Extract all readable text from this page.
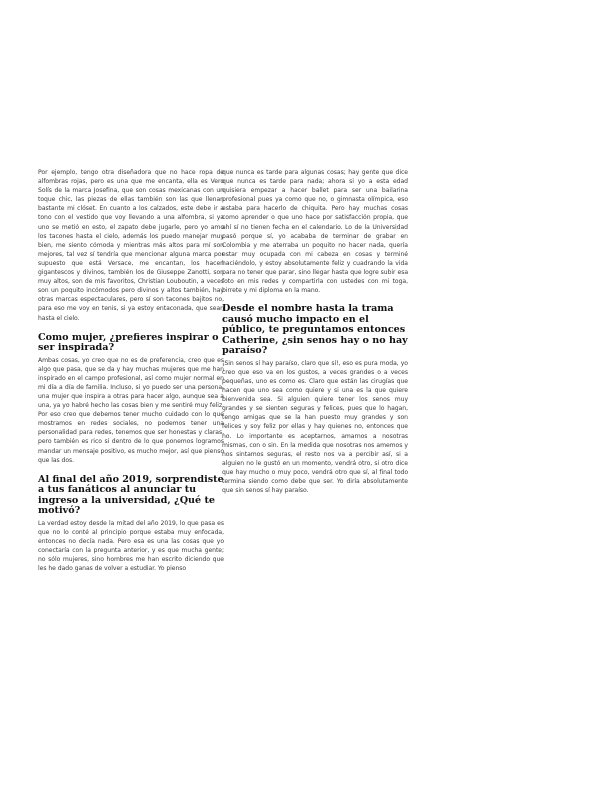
Por ejemplo, tengo otra diseñadora que no hace ropa de alfombras rojas, pero es una que me encanta, ella es Vero Solís de la marca Josefina, que son cosas mexicanas con un toque chic, las piezas de ellas también son las que llenan bastante mi clóset. En cuanto a los calzados, este debe ir a tono con el vestido que voy llevando a una alfombra, si ya uno se metió en esto, el zapato debe jugarle, pero yo amo los tacones hasta el cielo, además los puedo manejar muy bien, me siento cómoda y mientras más altos para mí son mejores, tal vez sí tendría que mencionar alguna marca por supuesto que está Versace, me encantan, los hacen gigantescos y divinos, también los de Giuseppe Zanotti, son muy altos, son de mis favoritos, Christian Louboutin, a veces son un poquito incómodos pero divinos y altos también, hay otras marcas espectaculares, pero sí son tacones bajitos no, para eso me voy en tenis, si ya estoy entaconada, que sean hasta el cielo.

Como mujer, ¿prefieres inspirar o ser inspirada?

Ambas cosas, yo creo que no es de preferencia, creo que es algo que pasa, que se da y hay muchas mujeres que me han inspirado en el campo profesional, así como mujer normal en mi día a día de familia. Incluso, si yo puedo ser una persona, una mujer que inspira a otras para hacer algo, aunque sea a una, ya yo habré hecho las cosas bien y me sentiré muy feliz. Por eso creo que debemos tener mucho cuidado con lo que mostramos en redes sociales, no podemos tener una personalidad para redes, tenemos que ser honestas y claras, pero también es rico si dentro de lo que ponemos logramos mandar un mensaje positivo, es mucho mejor, así que pienso que las dos.

Al final del año 2019, sorprendiste a tus fanáticos al anunciar tu ingreso a la universidad, ¿Qué te motivó?

La verdad estoy desde la mitad del año 2019, lo que pasa es que no lo conté al principio porque estaba muy enfocada, entonces no decía nada. Pero esa es una las cosas que yo conectaría con la pregunta anterior, y es que mucha gente; no sólo mujeres, sino hombres me han escrito diciendo que les he dado ganas de volver a estudiar. Yo pienso

que nunca es tarde para algunas cosas; hay gente que dice que nunca es tarde para nada; ahora si yo a esta edad quisiera empezar a hacer ballet para ser una bailarina profesional pues ya como que no, o gimnasta olímpica, eso estaba para hacerlo de chiquita. Pero hay muchas cosas como aprender o que uno hace por satisfacción propia, que ahí sí no tienen fecha en el calendario. Lo de la Universidad pasó porque sí, yo acababa de terminar de grabar en Colombia y me aterraba un poquito no hacer nada, quería estar muy ocupada con mi cabeza en cosas y terminé haciéndolo, y estoy absolutamente feliz y cuadrando la vida para no tener que parar, sino llegar hasta que logre subir esa foto en mis redes y compartirla con ustedes con mi toga, birrete y mi diploma en la mano.

Desde el nombre hasta la trama causó mucho impacto en el público, te preguntamos entonces Catherine, ¿sin senos hay o no hay paraíso?

¡Sin senos sí hay paraíso, claro que sí!, eso es pura moda, yo creo que eso va en los gustos, a veces grandes o a veces pequeñas, uno es como es. Claro que están las cirugías que hacen que uno sea como quiere y si una es la que quiere bienvenida sea. Si alguien quiere tener los senos muy grandes y se sienten seguras y felices, pues que lo hagan, tengo amigas que se la han puesto muy grandes y son felices y soy feliz por ellas y hay quienes no, entonces que no. Lo importante es aceptarnos, amarnos a nosotras mismas, con o sin. En la medida que nosotras nos amemos y nos sintamos seguras, el resto nos va a percibir así, si a alguien no le gustó en un momento, vendrá otro, si otro dice que hay mucho o muy poco, vendrá otro que sí, al final todo termina siendo como debe que ser. Yo diría absolutamente que sin senos sí hay paraíso.
